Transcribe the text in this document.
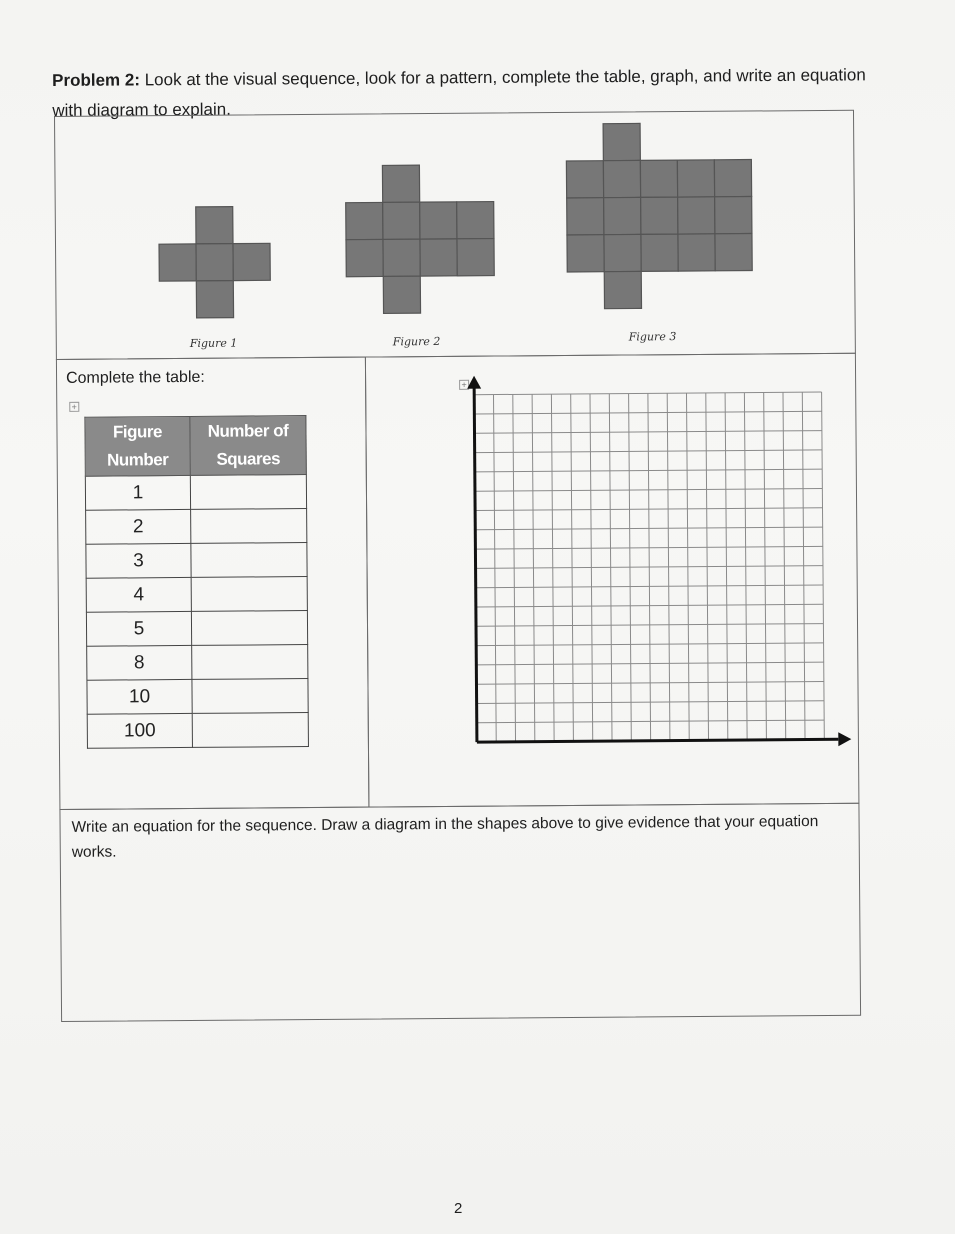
Problem 2: Look at the visual sequence, look for a pattern, complete the table, graph, and write an equation with diagram to explain.
Figure 1	Figure 2	Figure 3
Complete the table:
+
Figure Number	Number of Squares
1	
2	
3	
4	
5	
8	
10	
100	
+
Write an equation for the sequence. Draw a diagram in the shapes above to give evidence that your equation works.
2
